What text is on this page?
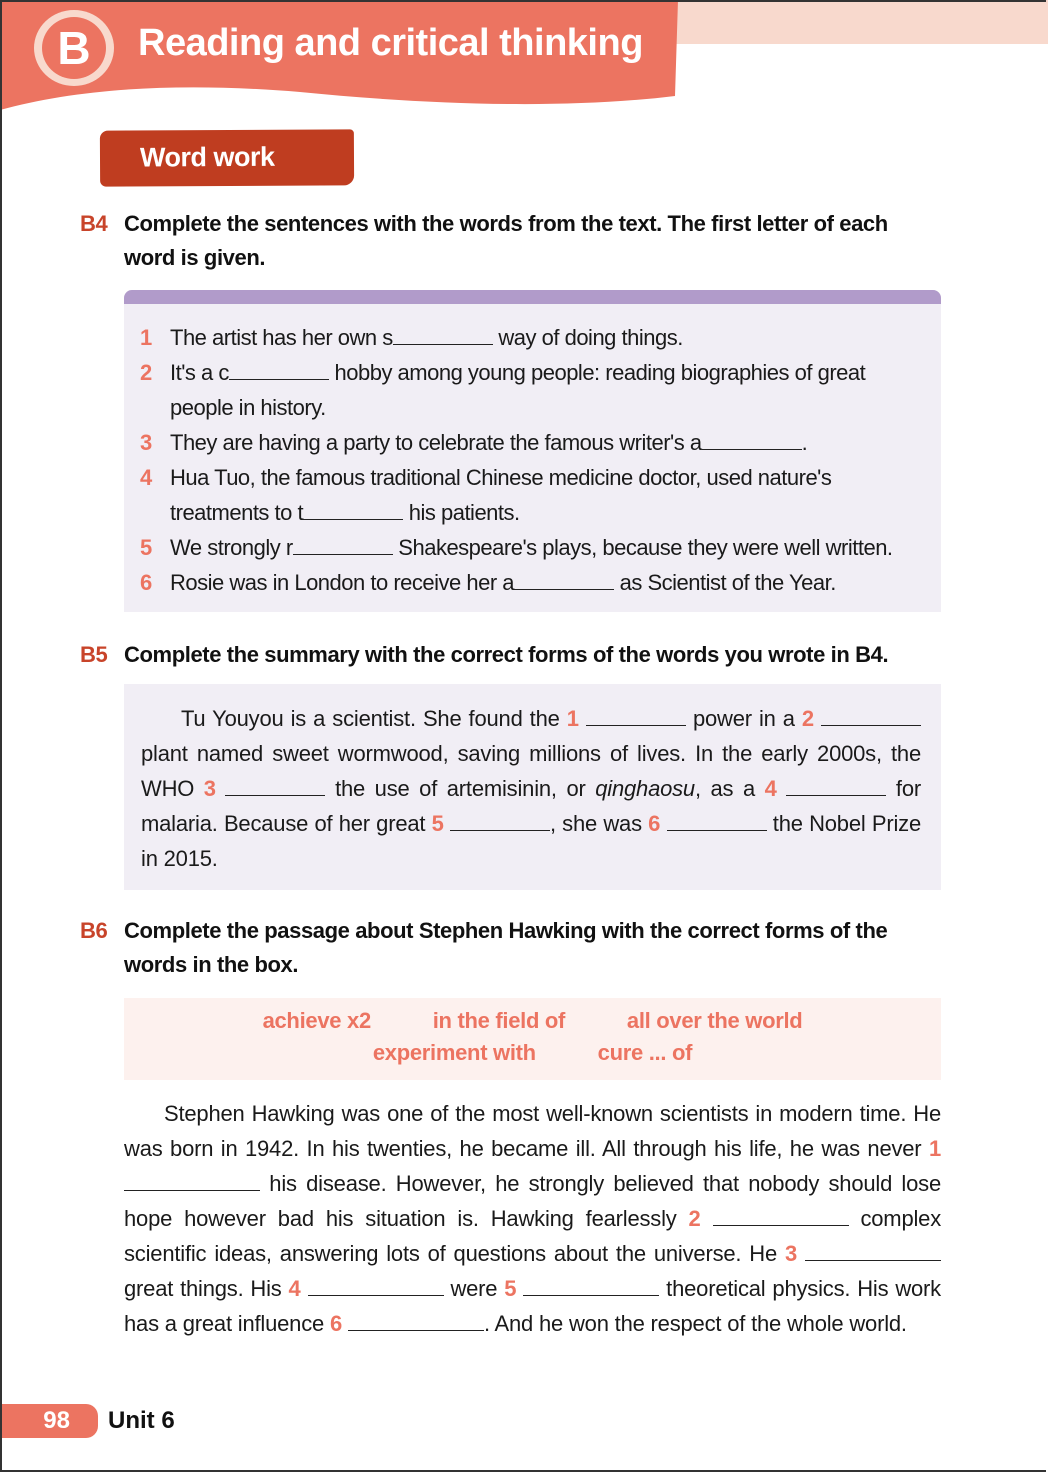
B	Reading and critical thinking
Word work
B4 Complete the sentences with the words from the text. The first letter of each word is given.
1 The artist has her own s	way of doing things.
2 It's a c	hobby among young people: reading biographies of great people in history.
3 They are having a party to celebrate the famous writer's a	.
4 Hua Tuo, the famous traditional Chinese medicine doctor, used nature's treatments to t	his patients.
5 We strongly r	Shakespeare's plays, because they were well written.
6 Rosie was in London to receive her a	as Scientist of the Year.
B5 Complete the summary with the correct forms of the words you wrote in B4.
Tu Youyou is a scientist. She found the 1	power in a 2  plant named sweet wormwood, saving millions of lives. In the early 2000s, the WHO 3	the use of artemisinin, or qinghaosu, as a 4	for malaria. Because of her great 5	, she was 6	the Nobel Prize in 2015.
B6 Complete the passage about Stephen Hawking with the correct forms of the words in the box.
achieve x2	in the field of	all over the world
experiment with	cure ... of
Stephen Hawking was one of the most well-known scientists in modern time. He was born in 1942. In his twenties, he became ill. All through his life, he was never 1  his disease. However, he strongly believed that nobody should lose hope however bad his situation is. Hawking fearlessly 2	complex scientific ideas, answering lots of questions about the universe. He 3  great things. His 4	were 5	theoretical physics. His work has a great influence 6	. And he won the respect of the whole world.
98	Unit 6
